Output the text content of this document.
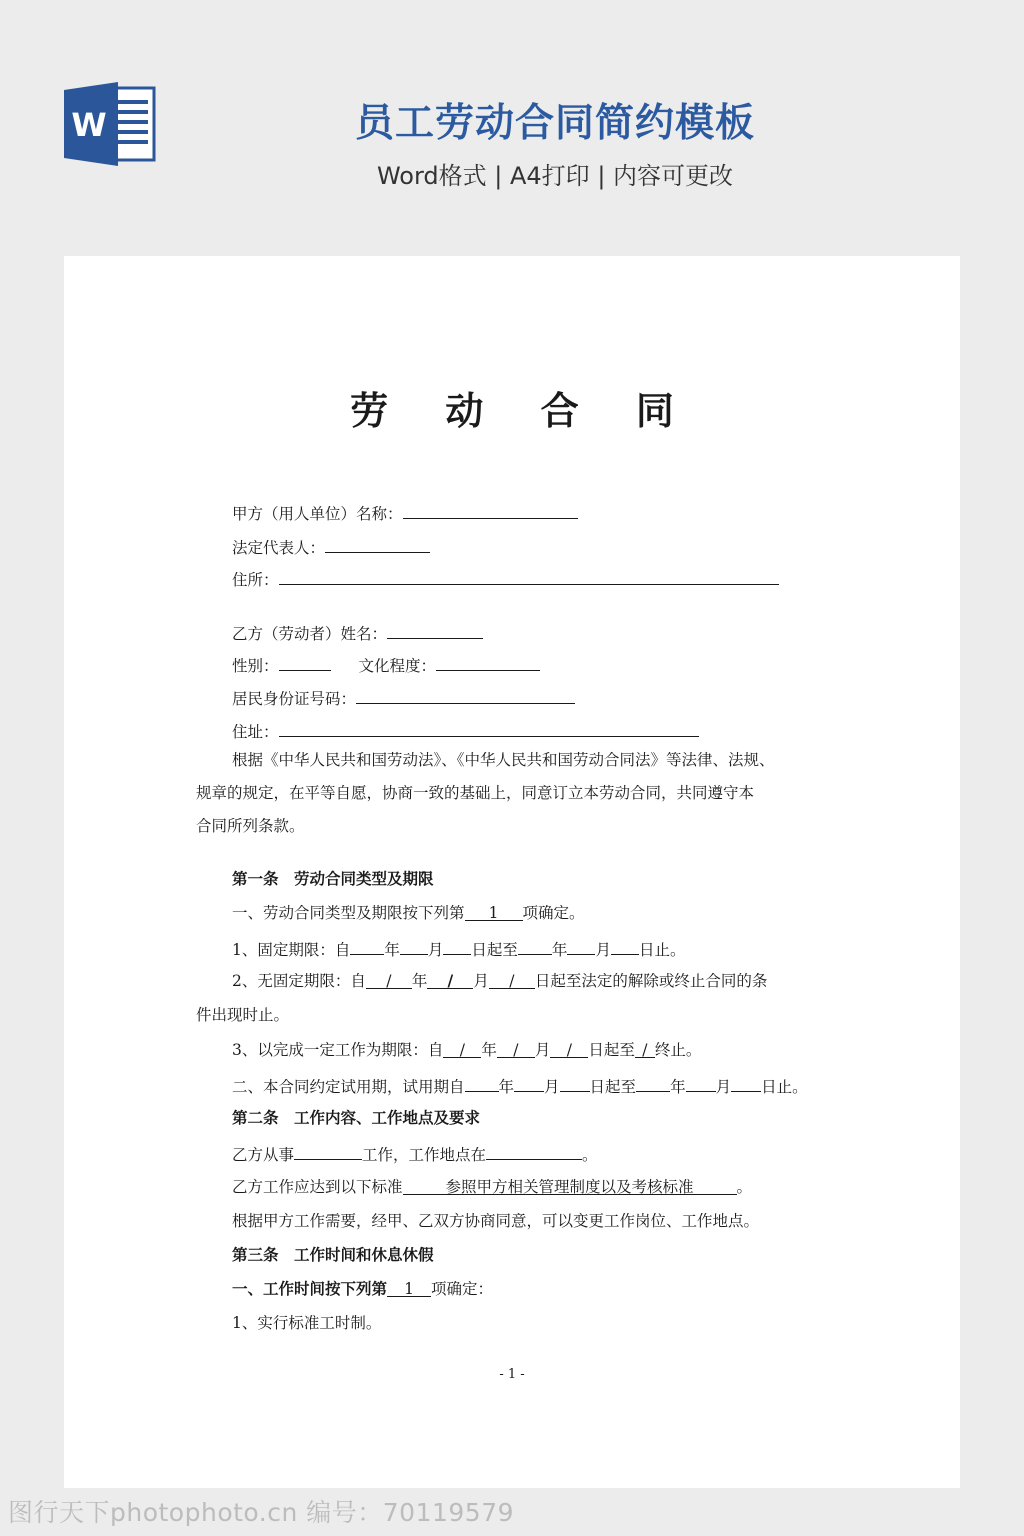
W	员工劳动合同简约模板
Word格式 | A4打印 | 内容可更改
劳 动 合 同
甲方（用人单位）名称：
法定代表人：
住所：
乙方（劳动者）姓名：
性别：	文化程度：
居民身份证号码：
住址：
根据《中华人民共和国劳动法》、《中华人民共和国劳动合同法》等法律、法规、
规章的规定，在平等自愿，协商一致的基础上，同意订立本劳动合同，共同遵守本
合同所列条款。
第一条　劳动合同类型及期限
一、劳动合同类型及期限按下列第 1 项确定。
1、固定期限：自 年 月 日起至 年 月 日止。
2、无固定期限：自 / 年 / 月 / 日起至法定的解除或终止合同的条
件出现时止。
3、以完成一定工作为期限：自 / 年 / 月 / 日起至 / 终止。
二、本合同约定试用期，试用期自 年 月 日起至 年 月 日止。
第二条　工作内容、工作地点及要求
乙方从事	工作，工作地点在	。
乙方工作应达到以下标准	参照甲方相关管理制度以及考核标准	。
根据甲方工作需要，经甲、乙双方协商同意，可以变更工作岗位、工作地点。
第三条　工作时间和休息休假
一、工作时间按下列第 1 项确定：
1、实行标准工时制。
- 1 -
图行天下photophoto.cn 编号：70119579
